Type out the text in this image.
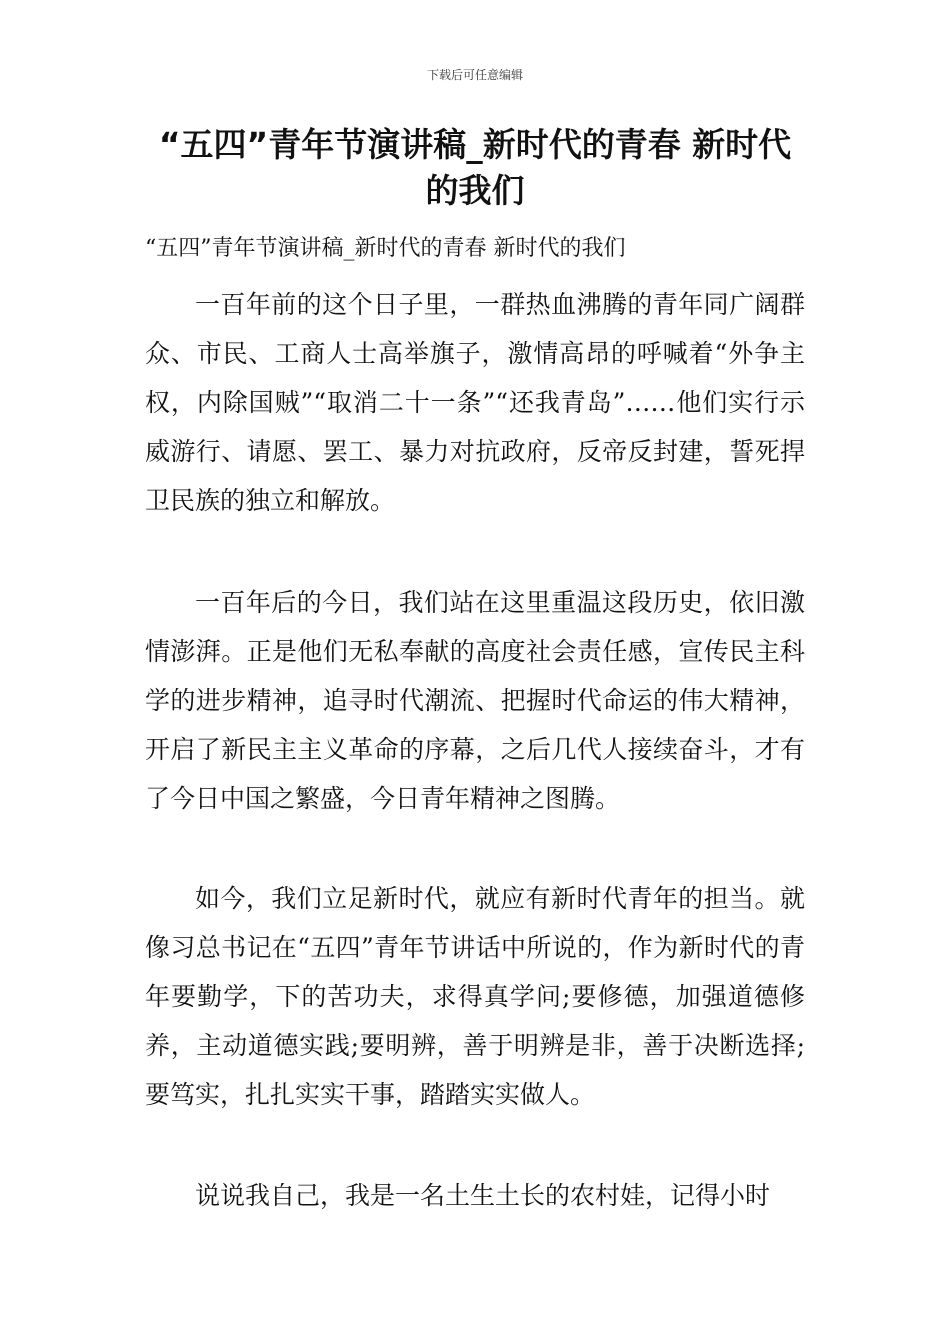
下载后可任意编辑
“五四”青年节演讲稿_新时代的青春 新时代的我们

“五四”青年节演讲稿_新时代的青春 新时代的我们

一百年前的这个日子里，一群热血沸腾的青年同广阔群众、市民、工商人士高举旗子，激情高昂的呼喊着“外争主权，内除国贼”“取消二十一条”“还我青岛”……他们实行示威游行、请愿、罢工、暴力对抗政府，反帝反封建，誓死捍卫民族的独立和解放。

一百年后的今日，我们站在这里重温这段历史，依旧激情澎湃。正是他们无私奉献的高度社会责任感，宣传民主科学的进步精神，追寻时代潮流、把握时代命运的伟大精神，开启了新民主主义革命的序幕，之后几代人接续奋斗，才有了今日中国之繁盛，今日青年精神之图腾。

如今，我们立足新时代，就应有新时代青年的担当。就像习总书记在“五四”青年节讲话中所说的，作为新时代的青年要勤学，下的苦功夫，求得真学问;要修德，加强道德修养，主动道德实践;要明辨，善于明辨是非，善于决断选择;要笃实，扎扎实实干事，踏踏实实做人。

说说我自己，我是一名土生土长的农村娃，记得小时
